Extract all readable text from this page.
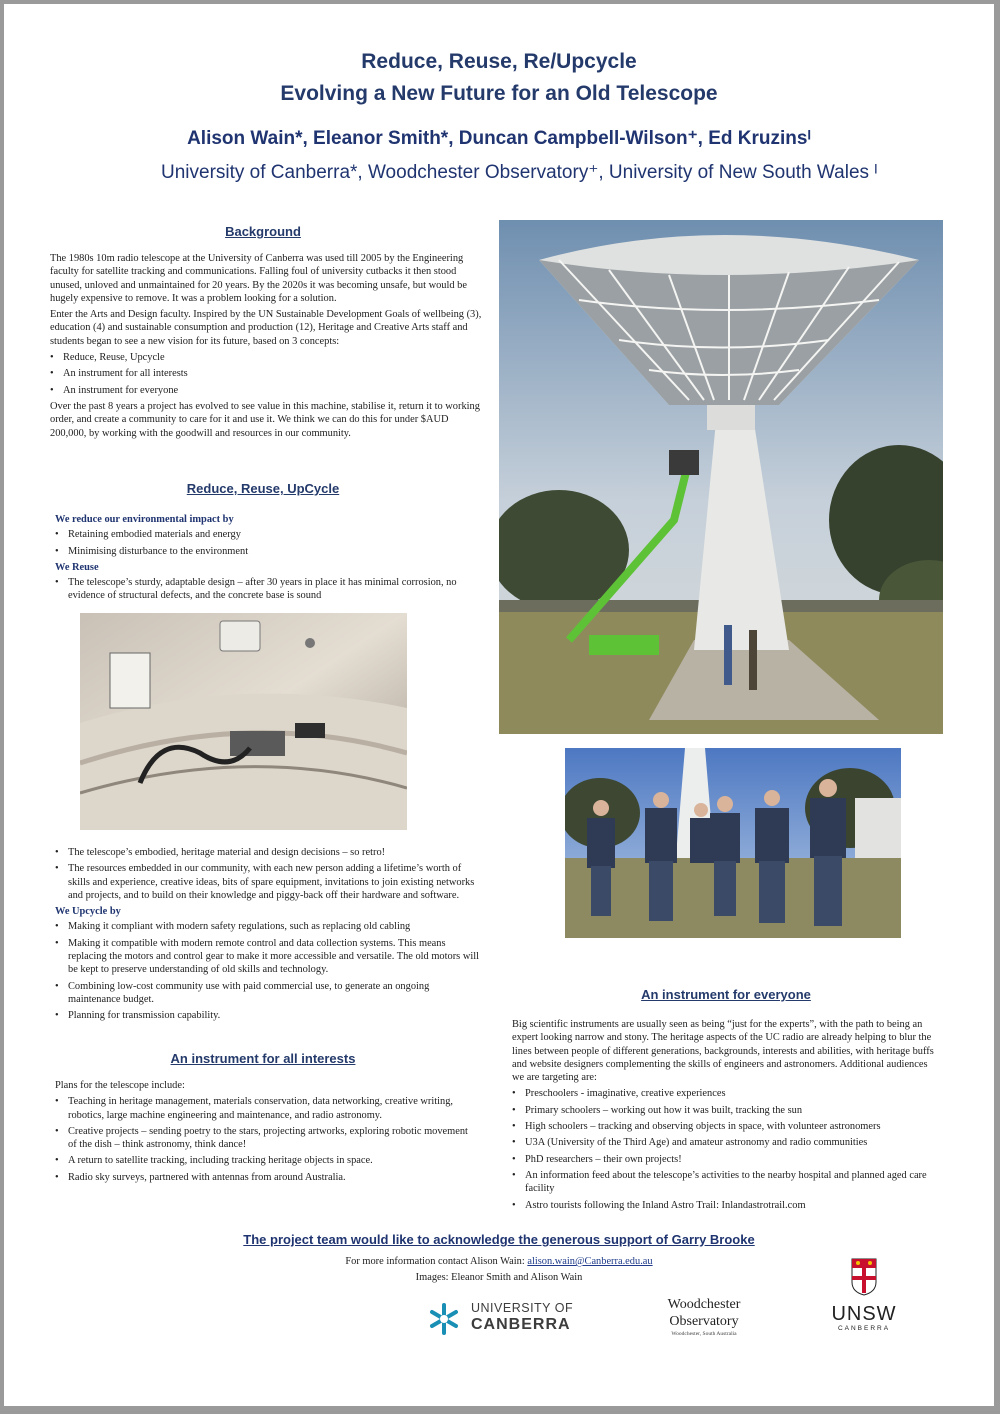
Reduce, Reuse, Re/Upcycle
Evolving a New Future for an Old Telescope
Alison Wain*, Eleanor Smith*, Duncan Campbell-Wilson⁺, Ed Kruzinsᴵ
University of Canberra*, Woodchester Observatory⁺, University of New South Wales ᴵ
Background

The 1980s 10m radio telescope at the University of Canberra was used till 2005 by the Engineering faculty for satellite tracking and communications. Falling foul of university cutbacks it then stood unused, unloved and unmaintained for 20 years. By the 2020s it was becoming unsafe, but would be hugely expensive to remove. It was a problem looking for a solution.

Enter the Arts and Design faculty. Inspired by the UN Sustainable Development Goals of wellbeing (3), education (4) and sustainable consumption and production (12), Heritage and Creative Arts staff and students began to see a new vision for its future, based on 3 concepts:

• Reduce, Reuse, Upcycle
• An instrument for all interests
• An instrument for everyone

Over the past 8 years a project has evolved to see value in this machine, stabilise it, return it to working order, and create a community to care for it and use it. We think we can do this for under $AUD 200,000, by working with the goodwill and resources in our community.

Reduce, Reuse, UpCycle
We reduce our environmental impact by
• Retaining embodied materials and energy
• Minimising disturbance to the environment
We Reuse
• The telescope’s sturdy, adaptable design – after 30 years in place it has minimal corrosion, no evidence of structural defects, and the concrete base is sound
• The telescope’s embodied, heritage material and design decisions – so retro!
• The resources embedded in our community, with each new person adding a lifetime’s worth of skills and experience, creative ideas, bits of spare equipment, invitations to join existing networks and projects, and to build on their knowledge and piggy-back off their hardware and software.
We Upcycle by
• Making it compliant with modern safety regulations, such as replacing old cabling
• Making it compatible with modern remote control and data collection systems. This means replacing the motors and control gear to make it more accessible and versatile. The old motors will be kept to preserve understanding of old skills and technology.
• Combining low-cost community use with paid commercial use, to generate an ongoing maintenance budget.
• Planning for transmission capability.
An instrument for all interests

Plans for the telescope include:

• Teaching in heritage management, materials conservation, data networking, creative writing, robotics, large machine engineering and maintenance, and radio astronomy.
• Creative projects – sending poetry to the stars, projecting artworks, exploring robotic movement of the dish – think astronomy, think dance!
• A return to satellite tracking, including tracking heritage objects in space.
• Radio sky surveys, partnered with antennas from around Australia.
An instrument for everyone

Big scientific instruments are usually seen as being “just for the experts”, with the path to being an expert looking narrow and stony. The heritage aspects of the UC radio are already helping to blur the lines between people of different generations, backgrounds, interests and abilities, with heritage buffs and website designers complementing the skills of engineers and astronomers. Additional audiences we are targeting are:

• Preschoolers - imaginative, creative experiences
• Primary schoolers – working out how it was built, tracking the sun
• High schoolers – tracking and observing objects in space, with volunteer astronomers
• U3A (University of the Third Age) and amateur astronomy and radio communities
• PhD researchers – their own projects!
• An information feed about the telescope’s activities to the nearby hospital and planned aged care facility
• Astro tourists following the Inland Astro Trail: Inlandastrotrail.com
The project team would like to acknowledge the generous support of Garry Brooke
For more information contact Alison Wain: alison.wain@Canberra.edu.au
Images: Eleanor Smith and Alison Wain
UNIVERSITY OF
CANBERRA
Woodchester
Observatory
Woodchester, South Australia
UNSW
CANBERRA
